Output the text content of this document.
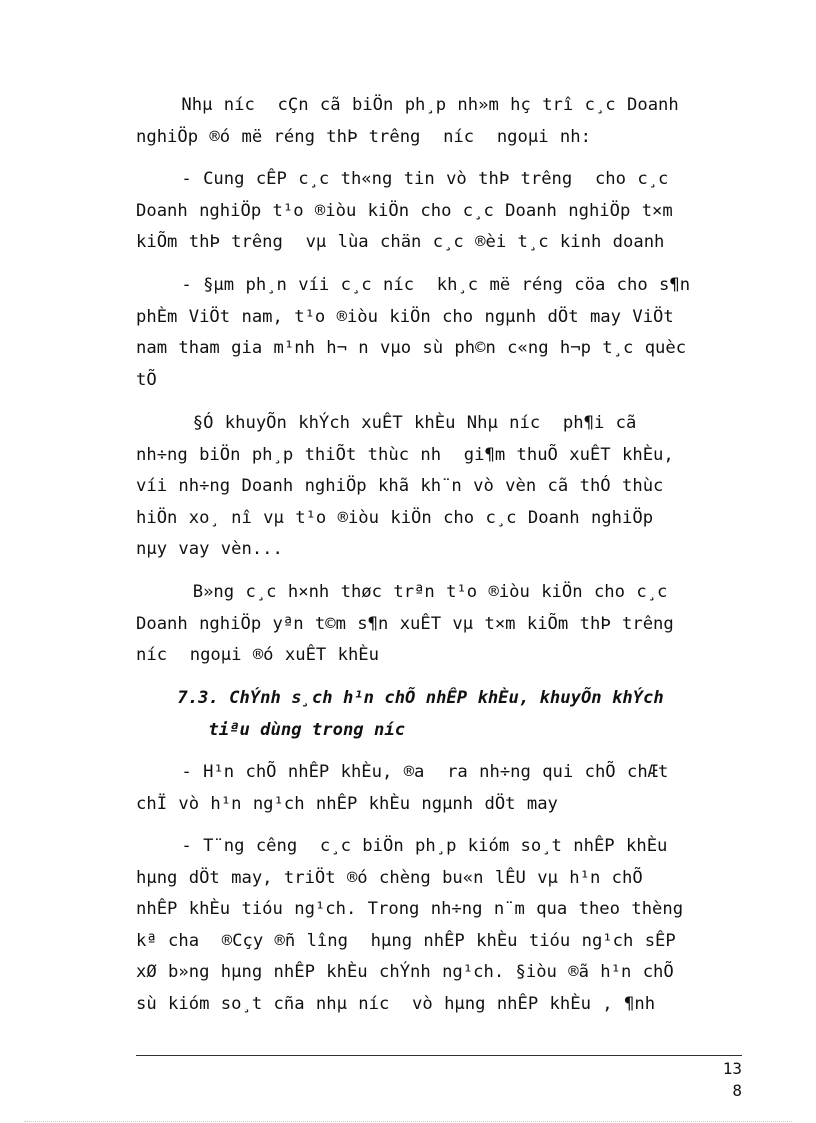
Nhµ níc  cÇn cã biÖn ph¸p nh»m hç trî c¸c Doanh
nghiÖp ®ó më réng thÞ trêng  níc  ngoµi nh:
- Cung cÊP c¸c th«ng tin vò thÞ trêng  cho c¸c
Doanh nghiÖp t¹o ®iòu kiÖn cho c¸c Doanh nghiÖp t×m
kiÕm thÞ trêng  vµ lùa chän c¸c ®èi t¸c kinh doanh
- §µm ph¸n víi c¸c níc  kh¸c më réng cöa cho s¶n
phÈm ViÖt nam, t¹o ®iòu kiÖn cho ngµnh dÖt may ViÖt
nam tham gia m¹nh h¬ n vµo sù ph©n c«ng h¬p t¸c quèc
tÕ
§Ó khuyÕn khÝch xuÊT khÈu Nhµ níc  ph¶i cã
nh÷ng biÖn ph¸p thiÕt thùc nh  gi¶m thuÕ xuÊT khÈu,
víi nh÷ng Doanh nghiÖp khã kh¨n vò vèn cã thÓ thùc
hiÖn xo¸ nî vµ t¹o ®iòu kiÖn cho c¸c Doanh nghiÖp
nµy vay vèn...
B»ng c¸c h×nh thøc trªn t¹o ®iòu kiÖn cho c¸c
Doanh nghiÖp yªn t©m s¶n xuÊT vµ t×m kiÕm thÞ trêng
níc  ngoµi ®ó xuÊT khÈu
7.3. ChÝnh s¸ch h¹n chÕ nhÊP khÈu, khuyÕn khÝch
tiªu dùng trong níc
- H¹n chÕ nhÊP khÈu, ®a  ra nh÷ng qui chÕ chÆt
chÏ vò h¹n ng¹ch nhÊP khÈu ngµnh dÖt may
- T¨ng cêng  c¸c biÖn ph¸p kióm so¸t nhÊP khÈu
hµng dÖt may, triÖt ®ó chèng bu«n lÊU vµ h¹n chÕ
nhÊP khÈu tióu ng¹ch. Trong nh÷ng n¨m qua theo thèng
kª cha  ®Cçy ®ñ lîng  hµng nhÊP khÈu tióu ng¹ch sÊP
xØ b»ng hµng nhÊP khÈu chÝnh ng¹ch. §iòu ®ã h¹n chÕ
sù kióm so¸t cña nhµ níc  vò hµng nhÊP khÈu , ¶nh
13
8
